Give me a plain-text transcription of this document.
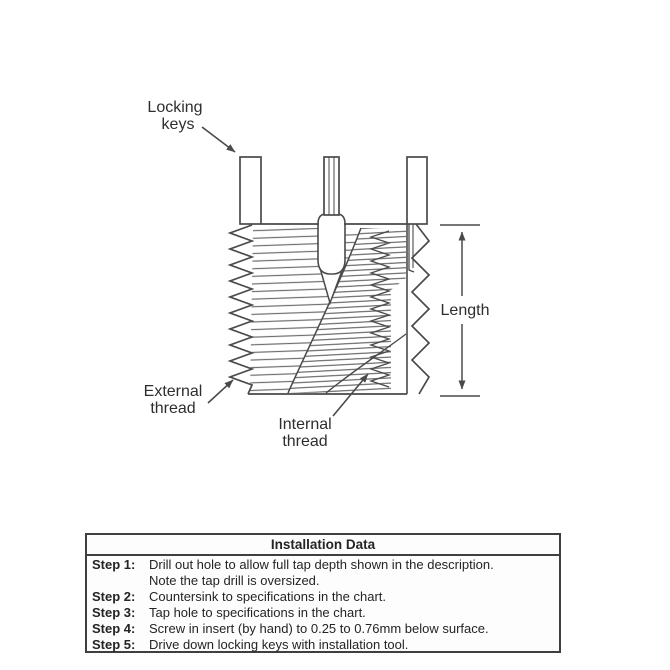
Length
Locking
keys
External
thread
Internal
thread
Installation Data
Step 1:	Drill out hole to allow full tap depth shown in the description.
Note the tap drill is oversized.
Step 2:	Countersink to specifications in the chart.
Step 3:	Tap hole to specifications in the chart.
Step 4:	Screw in insert (by hand) to 0.25 to 0.76mm below surface.
Step 5:	Drive down locking keys with installation tool.
